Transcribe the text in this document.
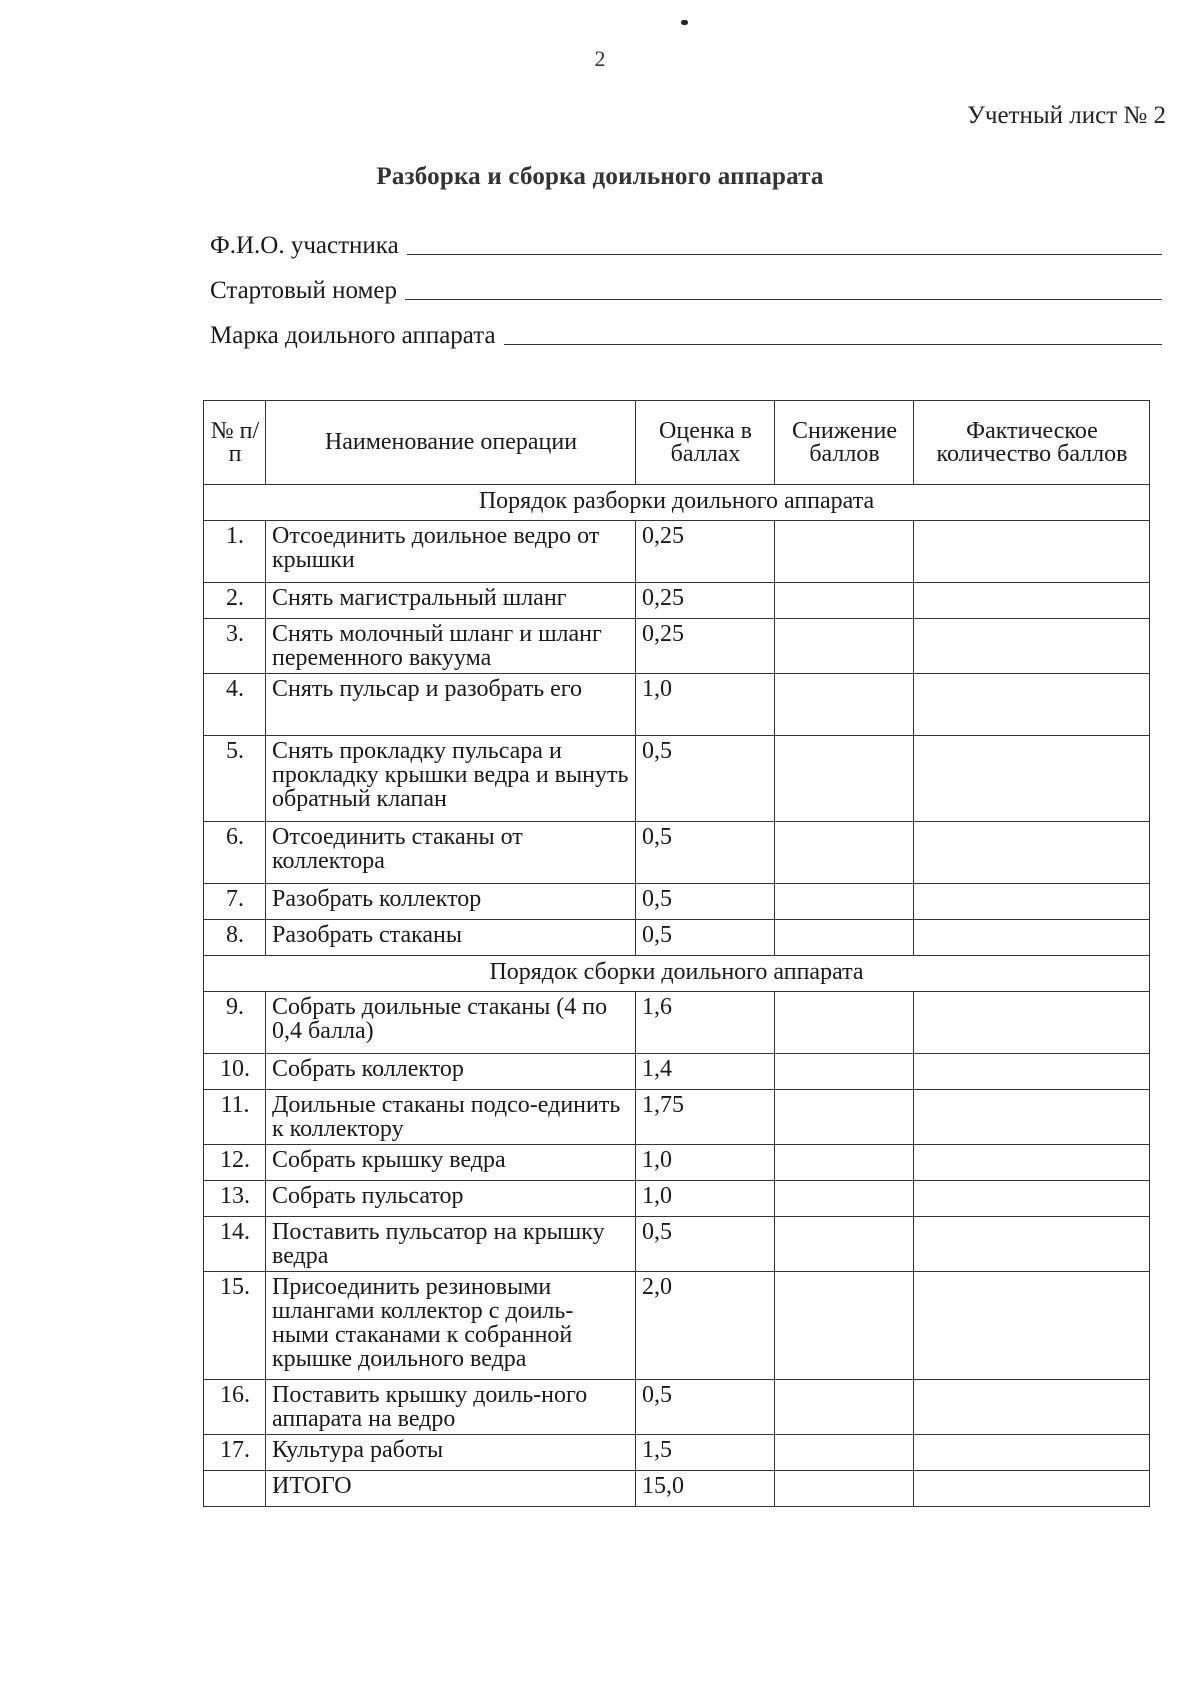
2
Учетный лист № 2
Разборка и сборка доильного аппарата
Ф.И.О. участника
Стартовый номер
Марка доильного аппарата
№ п/п	Наименование операции	Оценка в баллах	Снижение баллов	Фактическое количество баллов
Порядок разборки доильного аппарата				
1.	Отсоединить доильное ведро от крышки	0,25		
2.	Снять магистральный шланг	0,25		
3.	Снять молочный шланг и шланг переменного вакуума	0,25		
4.	Снять пульсар и разобрать его	1,0		
5.	Снять прокладку пульсара и прокладку крышки ведра и вынуть обратный клапан	0,5		
6.	Отсоединить стаканы от коллектора	0,5		
7.	Разобрать коллектор	0,5		
8.	Разобрать стаканы	0,5		
Порядок сборки доильного аппарата				
9.	Собрать доильные стаканы (4 по 0,4 балла)	1,6		
10.	Собрать коллектор	1,4		
11.	Доильные стаканы подсо-единить к коллектору	1,75		
12.	Собрать крышку ведра	1,0		
13.	Собрать пульсатор	1,0		
14.	Поставить пульсатор на крышку ведра	0,5		
15.	Присоединить резиновыми шлангами коллектор с доиль-ными стаканами к собранной крышке доильного ведра	2,0		
16.	Поставить крышку доиль-ного аппарата на ведро	0,5		
17.	Культура работы	1,5		
	ИТОГО	15,0		
